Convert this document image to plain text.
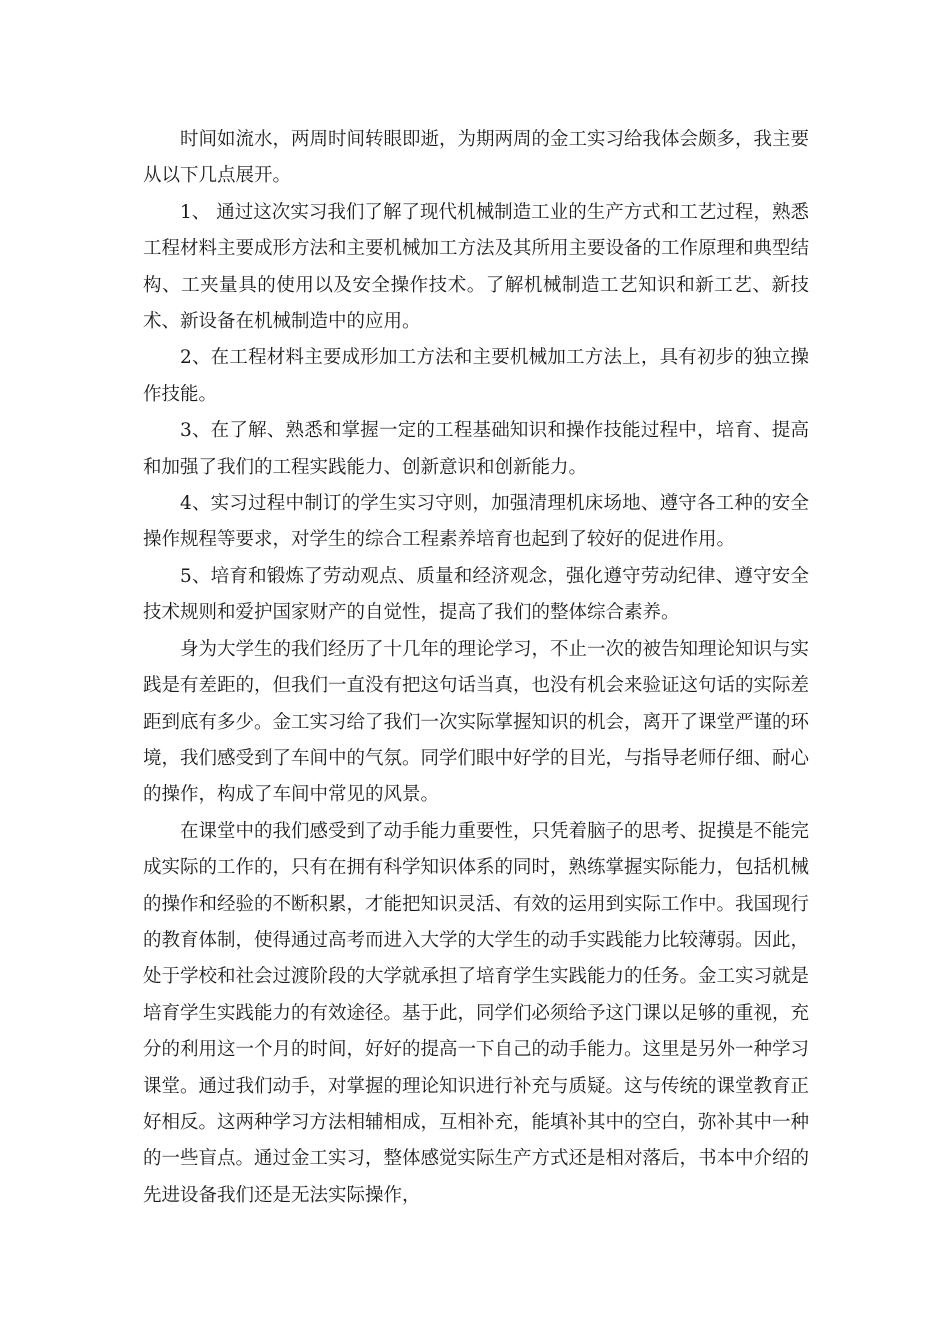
时间如流水，两周时间转眼即逝，为期两周的金工实习给我体会颇多，我主要从以下几点展开。

1、 通过这次实习我们了解了现代机械制造工业的生产方式和工艺过程，熟悉工程材料主要成形方法和主要机械加工方法及其所用主要设备的工作原理和典型结构、工夹量具的使用以及安全操作技术。了解机械制造工艺知识和新工艺、新技术、新设备在机械制造中的应用。

2、在工程材料主要成形加工方法和主要机械加工方法上，具有初步的独立操作技能。

3、在了解、熟悉和掌握一定的工程基础知识和操作技能过程中，培育、提高和加强了我们的工程实践能力、创新意识和创新能力。

4、实习过程中制订的学生实习守则，加强清理机床场地、遵守各工种的安全操作规程等要求，对学生的综合工程素养培育也起到了较好的促进作用。

5、培育和锻炼了劳动观点、质量和经济观念，强化遵守劳动纪律、遵守安全技术规则和爱护国家财产的自觉性，提高了我们的整体综合素养。

身为大学生的我们经历了十几年的理论学习，不止一次的被告知理论知识与实践是有差距的，但我们一直没有把这句话当真，也没有机会来验证这句话的实际差距到底有多少。金工实习给了我们一次实际掌握知识的机会，离开了课堂严谨的环境，我们感受到了车间中的气氛。同学们眼中好学的目光，与指导老师仔细、耐心的操作，构成了车间中常见的风景。

在课堂中的我们感受到了动手能力重要性，只凭着脑子的思考、捉摸是不能完成实际的工作的，只有在拥有科学知识体系的同时，熟练掌握实际能力，包括机械的操作和经验的不断积累，才能把知识灵活、有效的运用到实际工作中。我国现行的教育体制，使得通过高考而进入大学的大学生的动手实践能力比较薄弱。因此，处于学校和社会过渡阶段的大学就承担了培育学生实践能力的任务。金工实习就是培育学生实践能力的有效途径。基于此，同学们必须给予这门课以足够的重视，充分的利用这一个月的时间，好好的提高一下自己的动手能力。这里是另外一种学习课堂。通过我们动手，对掌握的理论知识进行补充与质疑。这与传统的课堂教育正好相反。这两种学习方法相辅相成，互相补充，能填补其中的空白，弥补其中一种的一些盲点。通过金工实习，整体感觉实际生产方式还是相对落后，书本中介绍的先进设备我们还是无法实际操作，
